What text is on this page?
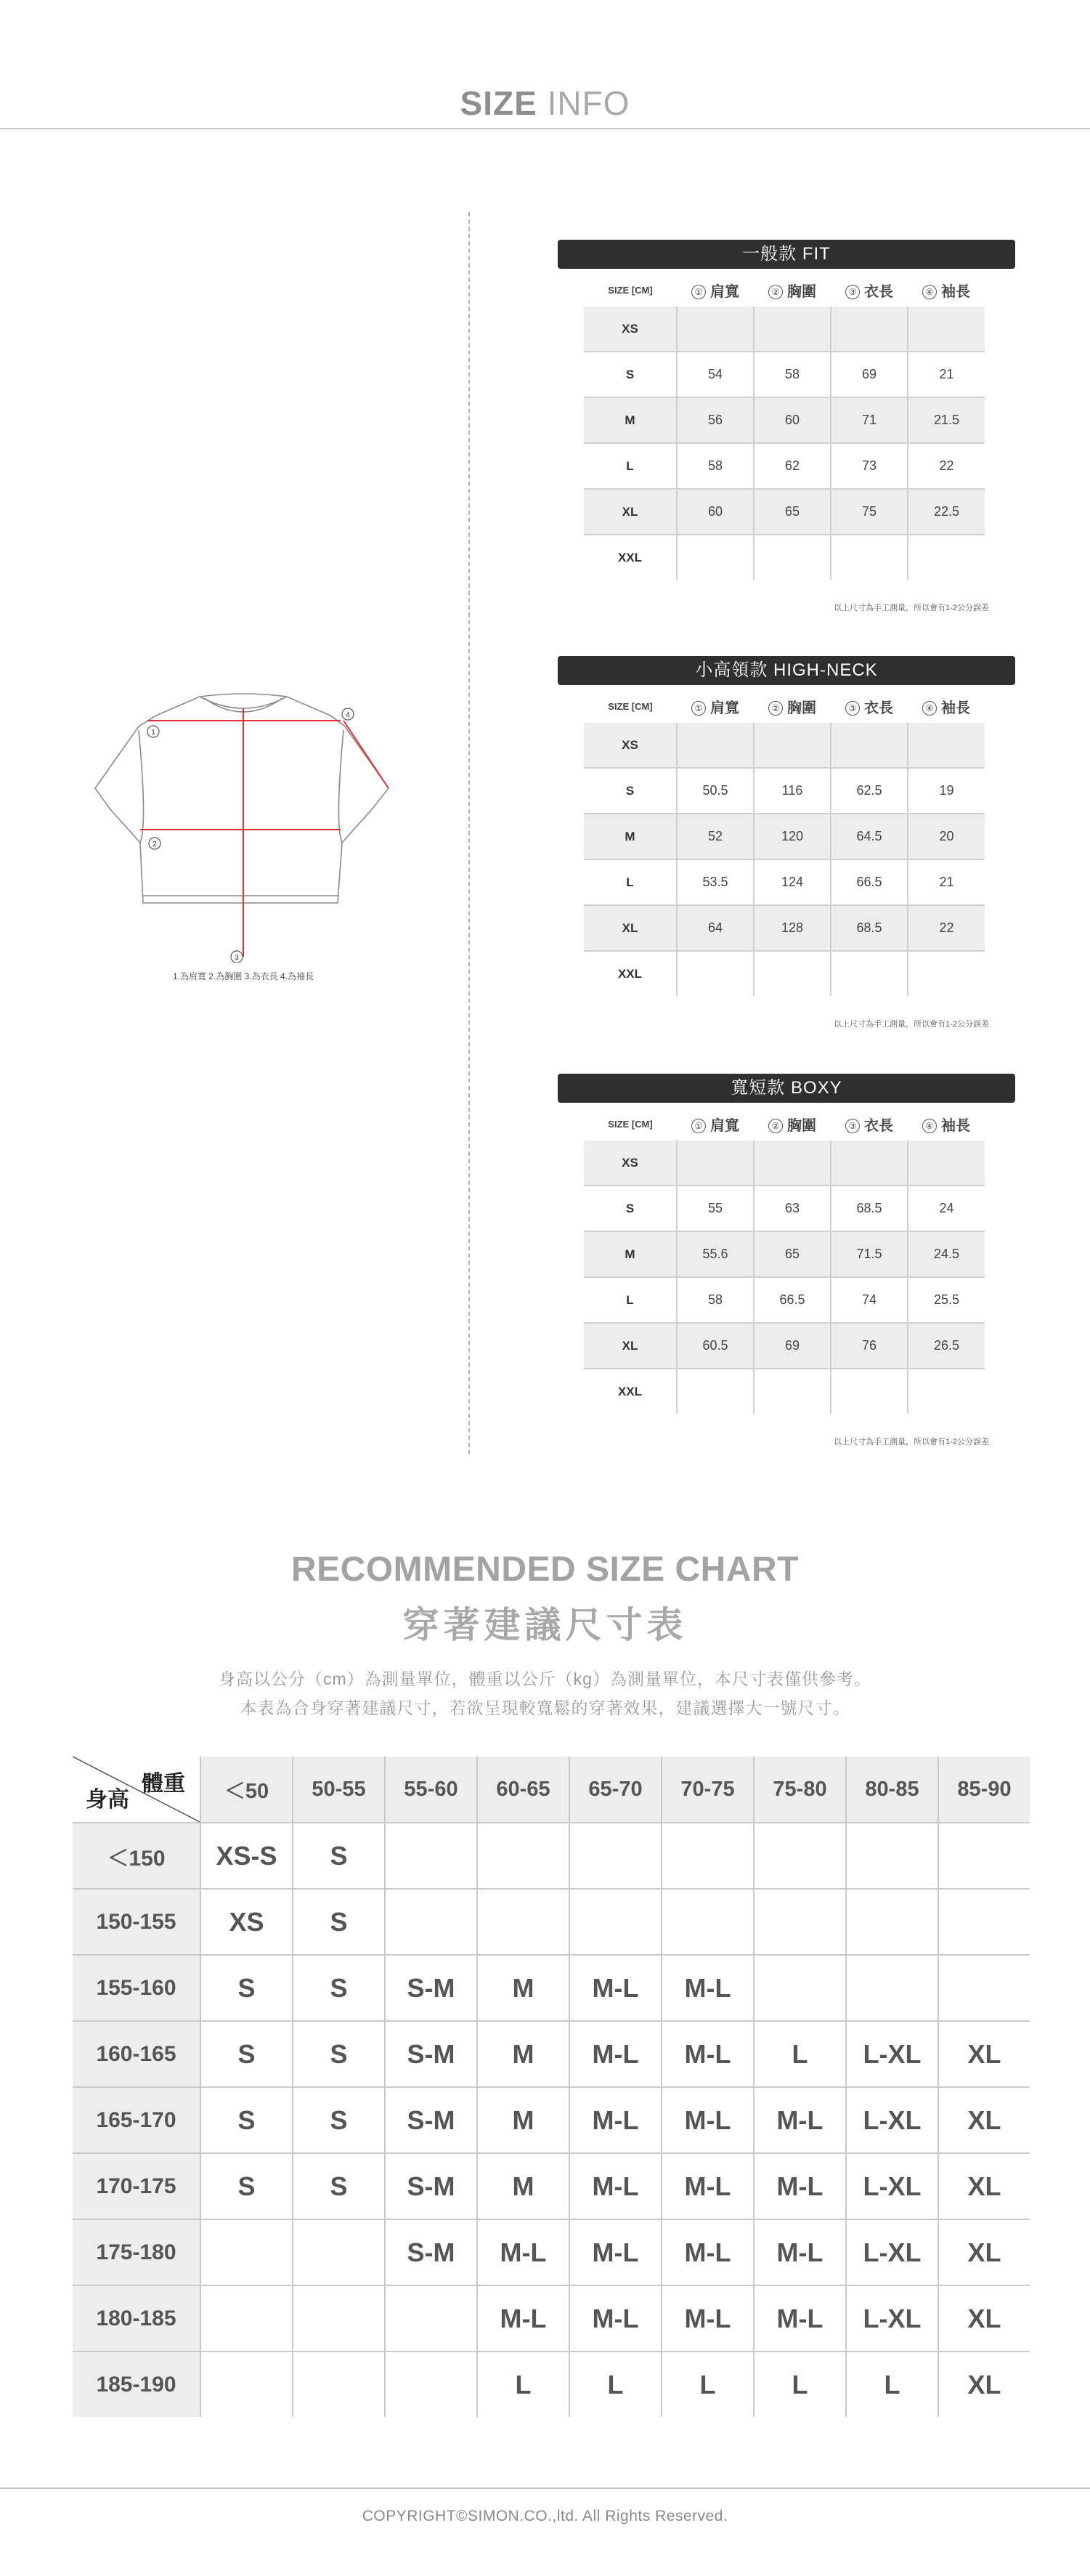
SIZE INFO
1
2
3
4
1.為肩寬 2.為胸圍 3.為衣長 4.為袖長
一般款 FIT
SIZE [CM]	① 肩寬	② 胸圍	③ 衣長	④ 袖長
XS				
S	54	58	69	21
M	56	60	71	21.5
L	58	62	73	22
XL	60	65	75	22.5
XXL				
以上尺寸為手工測量，所以會有1-2公分誤差
小高領款 HIGH-NECK
SIZE [CM]	① 肩寬	② 胸圍	③ 衣長	④ 袖長
XS				
S	50.5	116	62.5	19
M	52	120	64.5	20
L	53.5	124	66.5	21
XL	64	128	68.5	22
XXL				
以上尺寸為手工測量，所以會有1-2公分誤差
寬短款 BOXY
SIZE [CM]	① 肩寬	② 胸圍	③ 衣長	④ 袖長
XS				
S	55	63	68.5	24
M	55.6	65	71.5	24.5
L	58	66.5	74	25.5
XL	60.5	69	76	26.5
XXL				
以上尺寸為手工測量，所以會有1-2公分誤差
RECOMMENDED SIZE CHART
穿著建議尺寸表
身高以公分（cm）為測量單位，體重以公斤（kg）為測量單位，本尺寸表僅供參考。
本表為合身穿著建議尺寸，若欲呈現較寬鬆的穿著效果，建議選擇大一號尺寸。
體重
身高	＜50	50-55	55-60	60-65	65-70	70-75	75-80	80-85	85-90
＜150	XS-S	S							
150-155	XS	S							
155-160	S	S	S-M	M	M-L	M-L			
160-165	S	S	S-M	M	M-L	M-L	L	L-XL	XL
165-170	S	S	S-M	M	M-L	M-L	M-L	L-XL	XL
170-175	S	S	S-M	M	M-L	M-L	M-L	L-XL	XL
175-180			S-M	M-L	M-L	M-L	M-L	L-XL	XL
180-185				M-L	M-L	M-L	M-L	L-XL	XL
185-190				L	L	L	L	L	XL
COPYRIGHT©SIMON.CO.,ltd. All Rights Reserved.
